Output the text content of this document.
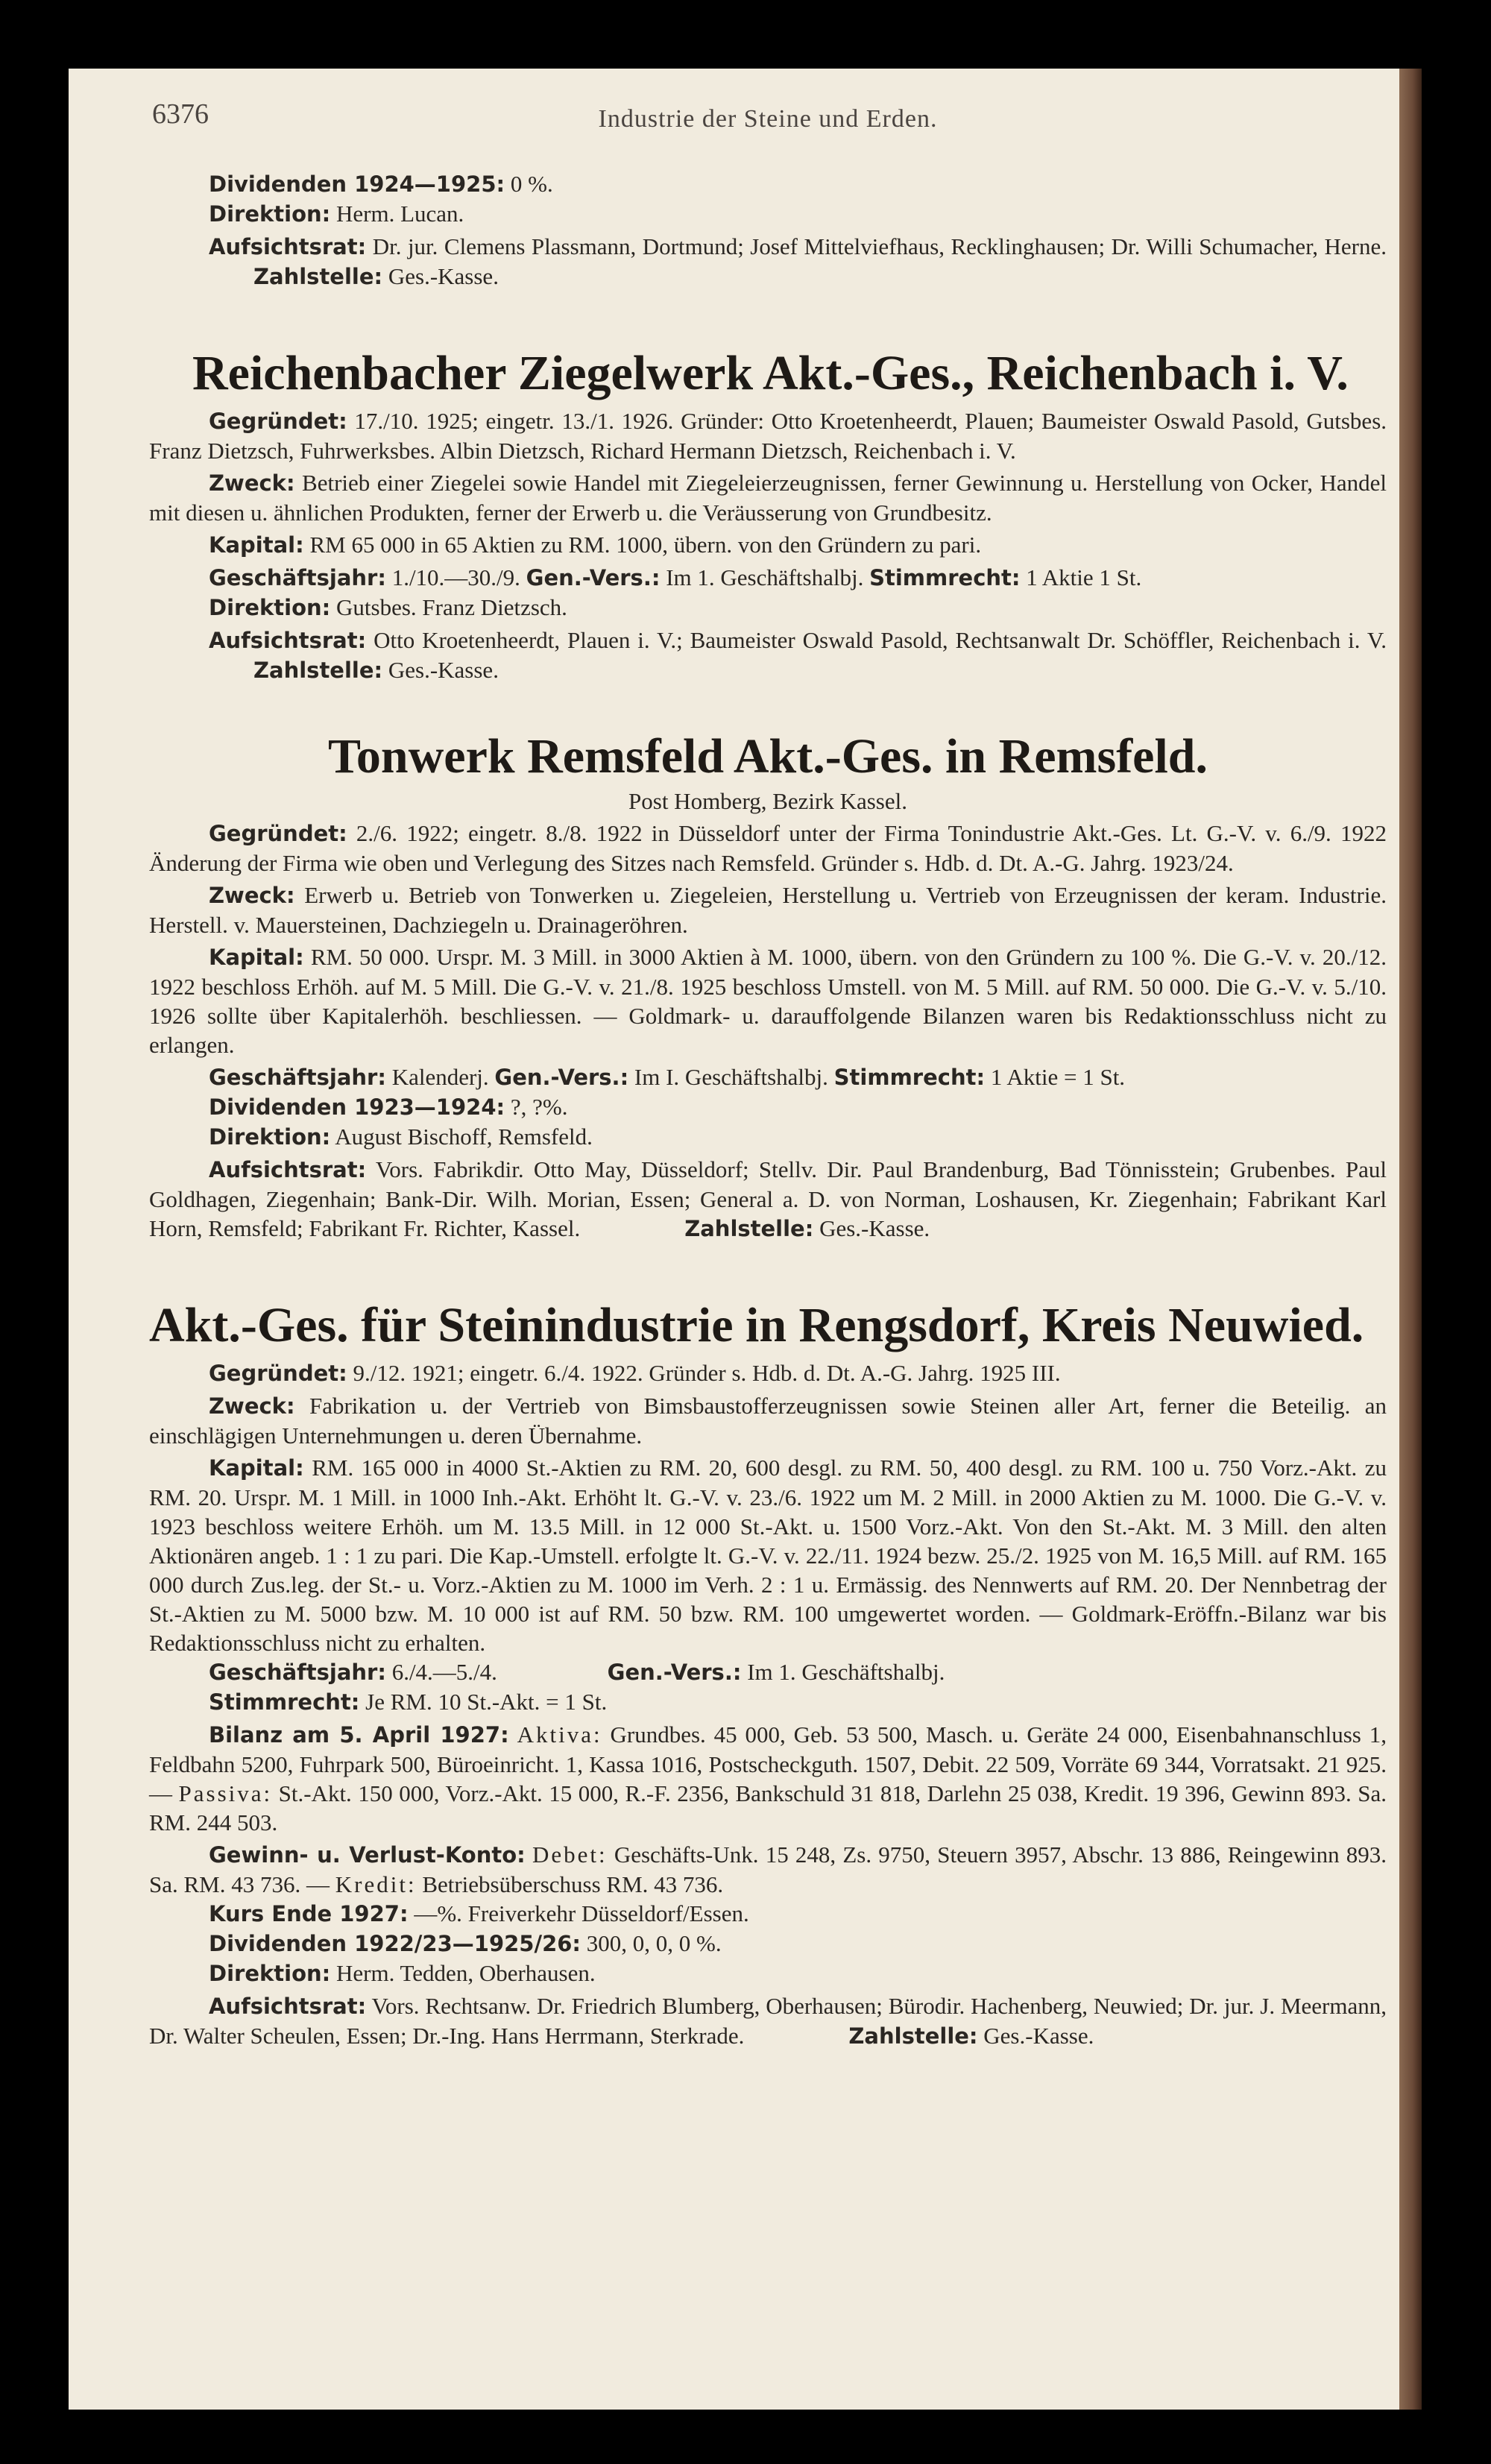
6376	Industrie der Steine und Erden.

Dividenden 1924—1925: 0 %.

Direktion: Herm. Lucan.

Aufsichtsrat: Dr. jur. Clemens Plassmann, Dortmund; Josef Mittelviefhaus, Recklinghausen; Dr. Willi Schumacher, Herne.Zahlstelle: Ges.-Kasse.

Reichenbacher Ziegelwerk Akt.-Ges., Reichenbach i. V.

Gegründet: 17./10. 1925; eingetr. 13./1. 1926. Gründer: Otto Kroetenheerdt, Plauen; Baumeister Oswald Pasold, Gutsbes. Franz Dietzsch, Fuhrwerksbes. Albin Dietzsch, Richard Hermann Dietzsch, Reichenbach i. V.

Zweck: Betrieb einer Ziegelei sowie Handel mit Ziegeleierzeugnissen, ferner Gewinnung u. Herstellung von Ocker, Handel mit diesen u. ähnlichen Produkten, ferner der Erwerb u. die Veräusserung von Grundbesitz.

Kapital: RM 65 000 in 65 Aktien zu RM. 1000, übern. von den Gründern zu pari.

Geschäftsjahr: 1./10.—30./9. Gen.-Vers.: Im 1. Geschäftshalbj. Stimmrecht: 1 Aktie 1 St.

Direktion: Gutsbes. Franz Dietzsch.

Aufsichtsrat: Otto Kroetenheerdt, Plauen i. V.; Baumeister Oswald Pasold, Rechtsanwalt Dr. Schöffler, Reichenbach i. V.Zahlstelle: Ges.-Kasse.

Tonwerk Remsfeld Akt.-Ges. in Remsfeld.

Post Homberg, Bezirk Kassel.

Gegründet: 2./6. 1922; eingetr. 8./8. 1922 in Düsseldorf unter der Firma Tonindustrie Akt.-Ges. Lt. G.-V. v. 6./9. 1922 Änderung der Firma wie oben und Verlegung des Sitzes nach Remsfeld. Gründer s. Hdb. d. Dt. A.-G. Jahrg. 1923/24.

Zweck: Erwerb u. Betrieb von Tonwerken u. Ziegeleien, Herstellung u. Vertrieb von Erzeugnissen der keram. Industrie. Herstell. v. Mauersteinen, Dachziegeln u. Drainageröhren.

Kapital: RM. 50 000. Urspr. M. 3 Mill. in 3000 Aktien à M. 1000, übern. von den Gründern zu 100 %. Die G.-V. v. 20./12. 1922 beschloss Erhöh. auf M. 5 Mill. Die G.-V. v. 21./8. 1925 beschloss Umstell. von M. 5 Mill. auf RM. 50 000. Die G.-V. v. 5./10. 1926 sollte über Kapitalerhöh. beschliessen. — Goldmark- u. darauffolgende Bilanzen waren bis Redaktionsschluss nicht zu erlangen.

Geschäftsjahr: Kalenderj. Gen.-Vers.: Im I. Geschäftshalbj. Stimmrecht: 1 Aktie = 1 St.

Dividenden 1923—1924: ?, ?%.

Direktion: August Bischoff, Remsfeld.

Aufsichtsrat: Vors. Fabrikdir. Otto May, Düsseldorf; Stellv. Dir. Paul Brandenburg, Bad Tönnisstein; Grubenbes. Paul Goldhagen, Ziegenhain; Bank-Dir. Wilh. Morian, Essen; General a. D. von Norman, Loshausen, Kr. Ziegenhain; Fabrikant Karl Horn, Remsfeld; Fabrikant Fr. Richter, Kassel.	Zahlstelle: Ges.-Kasse.

Akt.-Ges. für Steinindustrie in Rengsdorf, Kreis Neuwied.

Gegründet: 9./12. 1921; eingetr. 6./4. 1922. Gründer s. Hdb. d. Dt. A.-G. Jahrg. 1925 III.

Zweck: Fabrikation u. der Vertrieb von Bimsbaustofferzeugnissen sowie Steinen aller Art, ferner die Beteilig. an einschlägigen Unternehmungen u. deren Übernahme.

Kapital: RM. 165 000 in 4000 St.-Aktien zu RM. 20, 600 desgl. zu RM. 50, 400 desgl. zu RM. 100 u. 750 Vorz.-Akt. zu RM. 20. Urspr. M. 1 Mill. in 1000 Inh.-Akt. Erhöht lt. G.-V. v. 23./6. 1922 um M. 2 Mill. in 2000 Aktien zu M. 1000. Die G.-V. v. 1923 beschloss weitere Erhöh. um M. 13.5 Mill. in 12 000 St.-Akt. u. 1500 Vorz.-Akt. Von den St.-Akt. M. 3 Mill. den alten Aktionären angeb. 1 : 1 zu pari. Die Kap.-Umstell. erfolgte lt. G.-V. v. 22./11. 1924 bezw. 25./2. 1925 von M. 16,5 Mill. auf RM. 165 000 durch Zus.leg. der St.- u. Vorz.-Aktien zu M. 1000 im Verh. 2 : 1 u. Ermässig. des Nennwerts auf RM. 20. Der Nennbetrag der St.-Aktien zu M. 5000 bzw. M. 10 000 ist auf RM. 50 bzw. RM. 100 umgewertet worden. — Goldmark-Eröffn.-Bilanz war bis Redaktionsschluss nicht zu erhalten.

Geschäftsjahr: 6./4.—5./4.	Gen.-Vers.: Im 1. Geschäftshalbj.

Stimmrecht: Je RM. 10 St.-Akt. = 1 St.

Bilanz am 5. April 1927: Aktiva: Grundbes. 45 000, Geb. 53 500, Masch. u. Geräte 24 000, Eisenbahnanschluss 1, Feldbahn 5200, Fuhrpark 500, Büroeinricht. 1, Kassa 1016, Postscheckguth. 1507, Debit. 22 509, Vorräte 69 344, Vorratsakt. 21 925. — Passiva: St.-Akt. 150 000, Vorz.-Akt. 15 000, R.-F. 2356, Bankschuld 31 818, Darlehn 25 038, Kredit. 19 396, Gewinn 893. Sa. RM. 244 503.

Gewinn- u. Verlust-Konto: Debet: Geschäfts-Unk. 15 248, Zs. 9750, Steuern 3957, Abschr. 13 886, Reingewinn 893. Sa. RM. 43 736. — Kredit: Betriebsüberschuss RM. 43 736.

Kurs Ende 1927: —%. Freiverkehr Düsseldorf/Essen.

Dividenden 1922/23—1925/26: 300, 0, 0, 0 %.

Direktion: Herm. Tedden, Oberhausen.

Aufsichtsrat: Vors. Rechtsanw. Dr. Friedrich Blumberg, Oberhausen; Bürodir. Hachenberg, Neuwied; Dr. jur. J. Meermann, Dr. Walter Scheulen, Essen; Dr.-Ing. Hans Herrmann, Sterkrade.	Zahlstelle: Ges.-Kasse.
